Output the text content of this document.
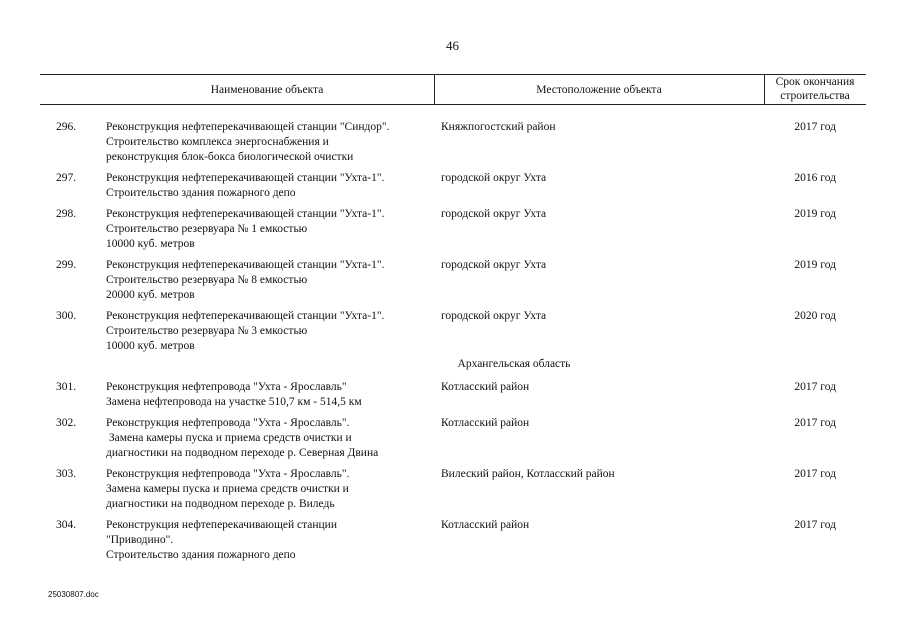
46
Наименование объекта	Местоположение объекта
Срок окончания
строительства
296.	Реконструкция нефтеперекачивающей станции "Синдор".
Строительство комплекса энергоснабжения и
реконструкция блок-бокса биологической очистки
Княжпогостский район	2017 год
297.	Реконструкция нефтеперекачивающей станции "Ухта-1".
Строительство здания пожарного депо
городской округ Ухта	2016 год
298.	Реконструкция нефтеперекачивающей станции "Ухта-1".
Строительство резервуара № 1 емкостью
10000 куб. метров
городской округ Ухта	2019 год
299.	Реконструкция нефтеперекачивающей станции "Ухта-1".
Строительство резервуара № 8 емкостью
20000 куб. метров
городской округ Ухта	2019 год
300.	Реконструкция нефтеперекачивающей станции "Ухта-1".
Строительство резервуара № 3 емкостью
10000 куб. метров
городской округ Ухта	2020 год
Архангельская область
301.	Реконструкция нефтепровода "Ухта - Ярославль"
Замена нефтепровода на участке 510,7 км - 514,5 км
Котласский район	2017 год
302.	Реконструкция нефтепровода "Ухта - Ярославль".
Замена камеры пуска и приема средств очистки и
диагностики на подводном переходе р. Северная Двина
Котласский район	2017 год
303.	Реконструкция нефтепровода "Ухта - Ярославль".
Замена камеры пуска и приема средств очистки и
диагностики на подводном переходе р. Виледь
Вилеский район, Котласский район	2017 год
304.	Реконструкция нефтеперекачивающей станции
"Приводино".
Строительство здания пожарного депо
Котласский район	2017 год
25030807.doc
